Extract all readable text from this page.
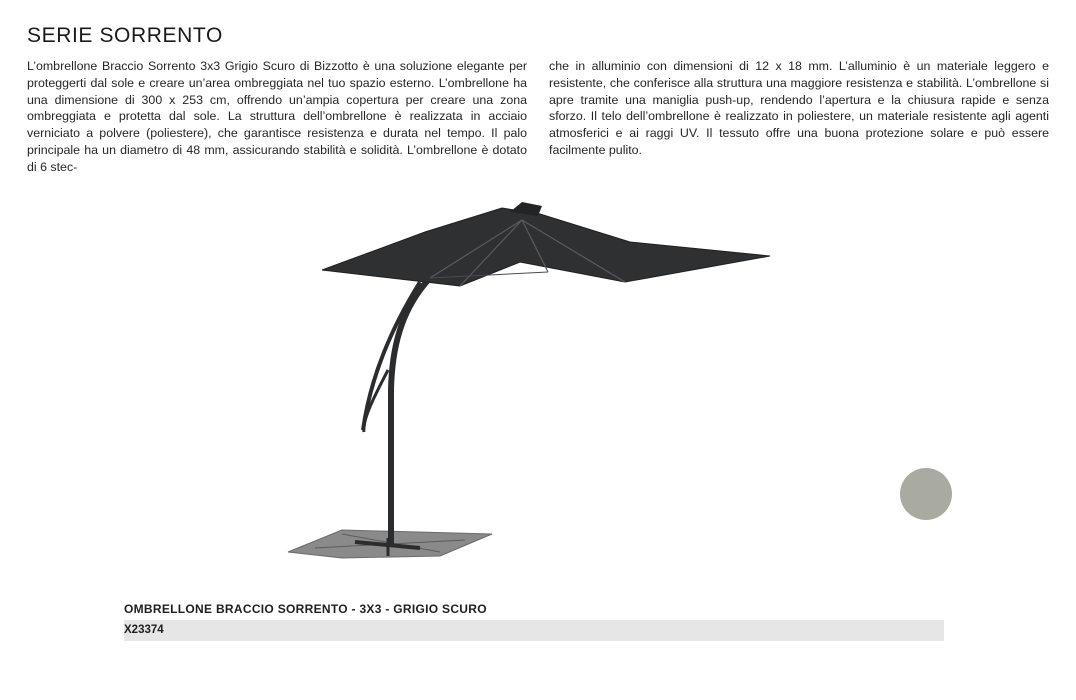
SERIE SORRENTO

L’ombrellone Braccio Sorrento 3x3 Grigio Scuro di Bizzotto è una soluzione elegante per proteggerti dal sole e creare un’area ombreggiata nel tuo spazio esterno. L’ombrellone ha una dimensione di 300 x 253 cm, offrendo un’ampia copertura per creare una zona ombreggiata e protetta dal sole. La struttura dell’ombrellone è realizzata in acciaio verniciato a polvere (poliestere), che garantisce resistenza e durata nel tempo. Il palo principale ha un diametro di 48 mm, assicurando stabilità e solidità. L’ombrellone è dotato di 6 stec-

che in alluminio con dimensioni di 12 x 18 mm. L’alluminio è un materiale leggero e resistente, che conferisce alla struttura una maggiore resistenza e stabilità. L’ombrellone si apre tramite una maniglia push-up, rendendo l’apertura e la chiusura rapide e senza sforzo. Il telo dell’ombrellone è realizzato in poliestere, un materiale resistente agli agenti atmosferici e ai raggi UV. Il tessuto offre una buona protezione solare e può essere facilmente pulito.

OMBRELLONE BRACCIO SORRENTO - 3X3 - GRIGIO SCURO
X23374
